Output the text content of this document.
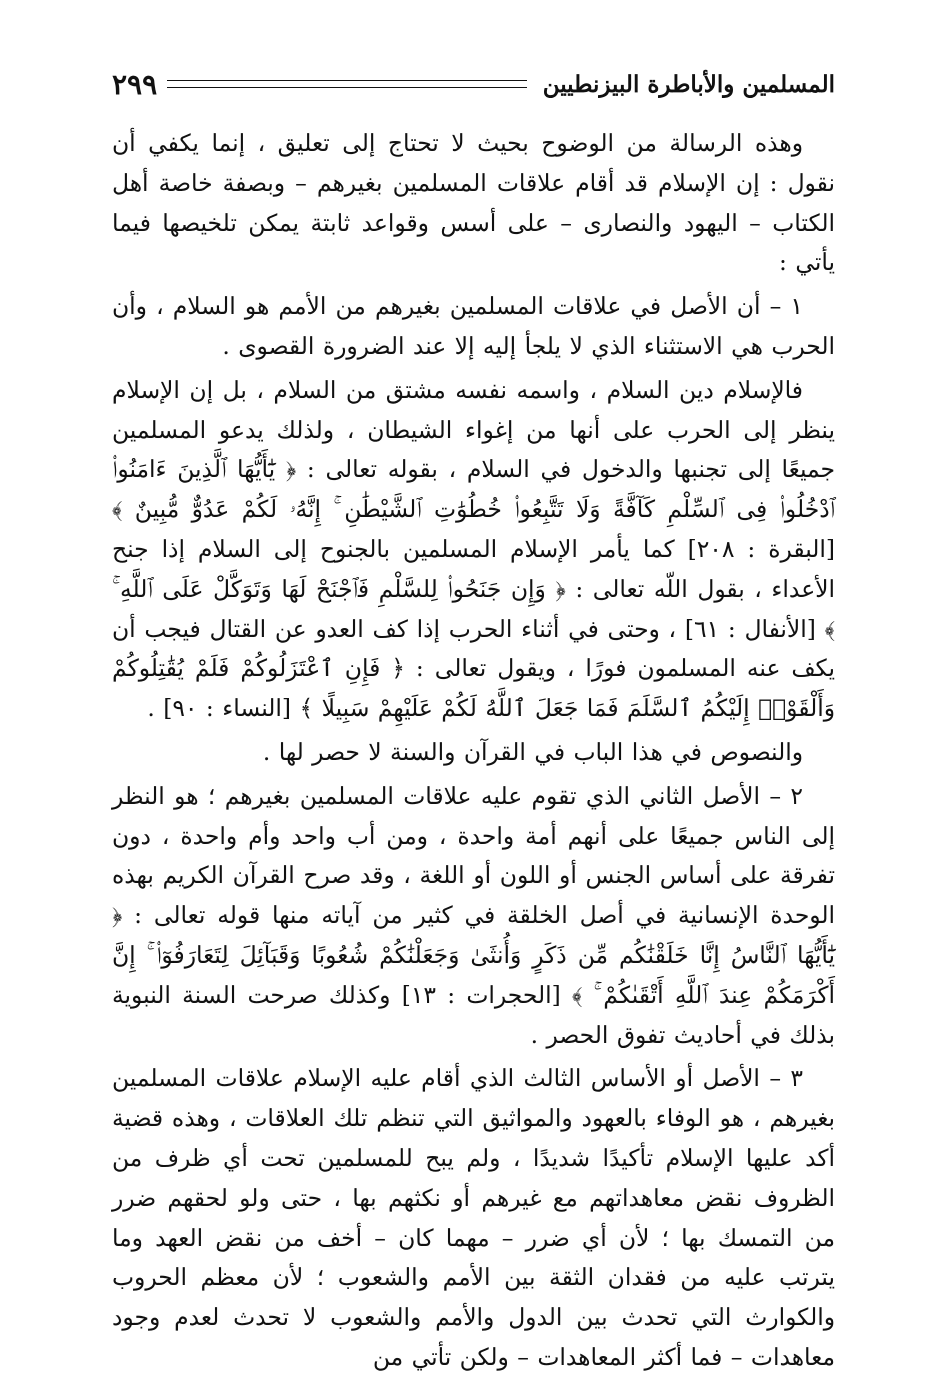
المسلمين والأباطرة البيزنطيين
٢٩٩

وهذه الرسالة من الوضوح بحيث لا تحتاج إلى تعليق ، إنما يكفي أن نقول : إن الإسلام قد أقام علاقات المسلمين بغيرهم – وبصفة خاصة أهل الكتاب – اليهود والنصارى – على أسس وقواعد ثابتة يمكن تلخيصها فيما يأتي :

١ – أن الأصل في علاقات المسلمين بغيرهم من الأمم هو السلام ، وأن الحرب هي الاستثناء الذي لا يلجأ إليه إلا عند الضرورة القصوى .

فالإسلام دين السلام ، واسمه نفسه مشتق من السلام ، بل إن الإسلام ينظر إلى الحرب على أنها من إغواء الشيطان ، ولذلك يدعو المسلمين جميعًا إلى تجنبها والدخول في السلام ، بقوله تعالى : ﴿ يَٰٓأَيُّهَا ٱلَّذِينَ ءَامَنُوا۟ ٱدْخُلُوا۟ فِى ٱلسِّلْمِ كَآفَّةً وَلَا تَتَّبِعُوا۟ خُطُوَٰتِ ٱلشَّيْطَٰنِ ۚ إِنَّهُۥ لَكُمْ عَدُوٌّ مُّبِينٌ ﴾ [البقرة : ٢٠٨] كما يأمر الإسلام المسلمين بالجنوح إلى السلام إذا جنح الأعداء ، بقول اللّه تعالى : ﴿ وَإِن جَنَحُوا۟ لِلسَّلْمِ فَٱجْنَحْ لَهَا وَتَوَكَّلْ عَلَى ٱللَّهِ ۚ ﴾ [الأنفال : ٦١] ، وحتى في أثناء الحرب إذا كف العدو عن القتال فيجب أن يكف عنه المسلمون فورًا ، ويقول تعالى : ﴿ فَإِنِ ٱعْتَزَلُوكُمْ فَلَمْ يُقَٰتِلُوكُمْ وَأَلْقَوْا۟ إِلَيْكُمُ ٱلسَّلَمَ فَمَا جَعَلَ ٱللَّهُ لَكُمْ عَلَيْهِمْ سَبِيلًا ﴾ [النساء : ٩٠] .

والنصوص في هذا الباب في القرآن والسنة لا حصر لها .

٢ – الأصل الثاني الذي تقوم عليه علاقات المسلمين بغيرهم ؛ هو النظر إلى الناس جميعًا على أنهم أمة واحدة ، ومن أب واحد وأم واحدة ، دون تفرقة على أساس الجنس أو اللون أو اللغة ، وقد صرح القرآن الكريم بهذه الوحدة الإنسانية في أصل الخلقة في كثير من آياته منها قوله تعالى : ﴿ يَٰٓأَيُّهَا ٱلنَّاسُ إِنَّا خَلَقْنَٰكُم مِّن ذَكَرٍ وَأُنثَىٰ وَجَعَلْنَٰكُمْ شُعُوبًا وَقَبَآئِلَ لِتَعَارَفُوٓا۟ ۚ إِنَّ أَكْرَمَكُمْ عِندَ ٱللَّهِ أَتْقَىٰكُمْ ۚ ﴾ [الحجرات : ١٣] وكذلك صرحت السنة النبوية بذلك في أحاديث تفوق الحصر .

٣ – الأصل أو الأساس الثالث الذي أقام عليه الإسلام علاقات المسلمين بغيرهم ، هو الوفاء بالعهود والمواثيق التي تنظم تلك العلاقات ، وهذه قضية أكد عليها الإسلام تأكيدًا شديدًا ، ولم يبح للمسلمين تحت أي ظرف من الظروف نقض معاهداتهم مع غيرهم أو نكثهم بها ، حتى ولو لحقهم ضرر من التمسك بها ؛ لأن أي ضرر – مهما كان – أخف من نقض العهد وما يترتب عليه من فقدان الثقة بين الأمم والشعوب ؛ لأن معظم الحروب والكوارث التي تحدث بين الدول والأمم والشعوب لا تحدث لعدم وجود معاهدات – فما أكثر المعاهدات – ولكن تأتي من
